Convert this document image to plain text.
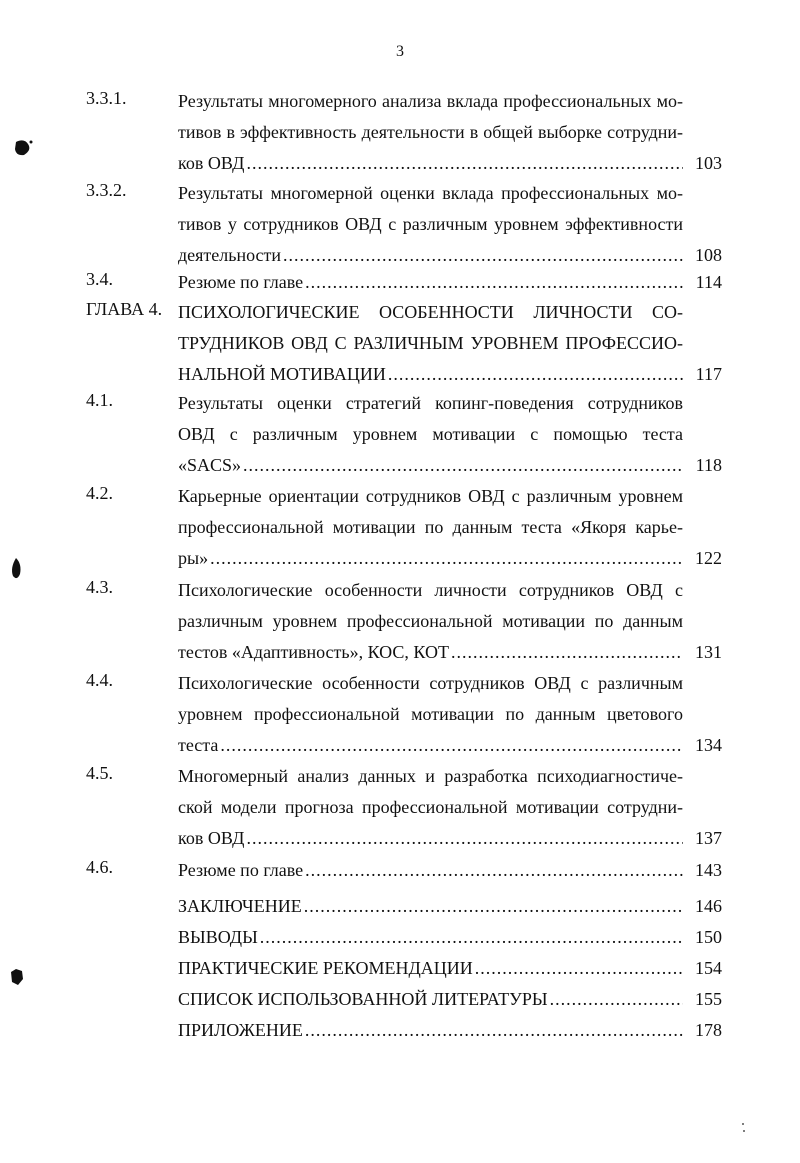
3
3.3.1.	Результаты многомерного анализа вклада профессиональных мо-
тивов в эффективность деятельности в общей выборке сотрудни-
ков ОВД .....	103
3.3.2.	Результаты многомерной оценки вклада профессиональных мо-
тивов у сотрудников ОВД с различным уровнем эффективности
деятельности .....	108
3.4.	Резюме по главе .....	114
ГЛАВА 4. ПСИХОЛОГИЧЕСКИЕ ОСОБЕННОСТИ ЛИЧНОСТИ СО-
ТРУДНИКОВ ОВД С РАЗЛИЧНЫМ УРОВНЕМ ПРОФЕССИО-
НАЛЬНОЙ МОТИВАЦИИ .....	117
4.1.	Результаты оценки стратегий копинг-поведения сотрудников
ОВД с различным уровнем мотивации с помощью теста
«SACS» .....	118
4.2.	Карьерные ориентации сотрудников ОВД с различным уровнем
профессиональной мотивации по данным теста «Якоря карье-
ры» .....	122
4.3.	Психологические особенности личности сотрудников ОВД с
различным уровнем профессиональной мотивации по данным
тестов «Адаптивность», КОС, КОТ .....	131
4.4.	Психологические особенности сотрудников ОВД с различным
уровнем профессиональной мотивации по данным цветового
теста .....	134
4.5.	Многомерный анализ данных и разработка психодиагностиче-
ской модели прогноза профессиональной мотивации сотрудни-
ков ОВД .....	137
4.6.	Резюме по главе .....	143
ЗАКЛЮЧЕНИЕ .....	146
ВЫВОДЫ .....	150
ПРАКТИЧЕСКИЕ РЕКОМЕНДАЦИИ .....	154
СПИСОК ИСПОЛЬЗОВАННОЙ ЛИТЕРАТУРЫ .....	155
ПРИЛОЖЕНИЕ .....	178
